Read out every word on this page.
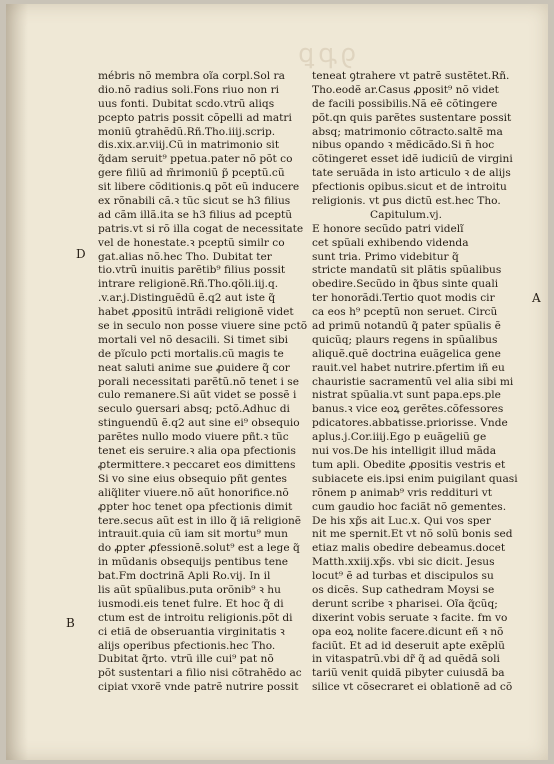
ꝯꝓꝑ
mébris nõ membra oĩa corpl.Sol ra
dio.nõ radius soli.Fons riuo non ri
uus fonti. Dubitat scdo.vtrũ aliqs
pcepto patris possit cõpelli ad matri
moniũ ꝯtrahẽdũ.Rñ.Tho.iiij.scrip.
dis.xix.ar.viij.Cũ in matrimonio sit
q̃dam seruit⁹ ppetua.pater nõ põt co
gere filiũ ad m̃rimoniũ p̃ pceptũ.cũ
sit libere cõditionis.ꝗ põt eũ inducere
ex rõnabili cã.ꝛ tũc sicut se h3 filius
ad cãm illã.ita se h3 filius ad pceptũ
patris.vt si rõ illa cogat de necessitate
vel de honestate.ꝛ pceptũ similr co
gat.alias nõ.hec Tho. Dubitat ter
tio.vtrũ inuitis parẽtib⁹ filius possit
intrare religionẽ.Rñ.Tho.qõli.iij.q.
.v.ar.j.Distinguẽdũ ẽ.q2 aut iste q̃
habet ꝓpositũ intrãdi religionẽ videt
se in seculo non posse viuere sine pctõ
mortali vel nõ desacili. Si timet sibi
de pĩculo pcti mortalis.cũ magis te
neat saluti anime sue ꝓuidere q̃ cor
porali necessitati parẽtũ.nõ tenet i se
culo remanere.Si aũt videt se possẽ i
seculo ꝯuersari absq; pctõ.Adhuc di
stinguendũ ẽ.q2 aut sine ei⁹ obsequio
parẽtes nullo modo viuere pñt.ꝛ tũc
tenet eis seruire.ꝛ alia opa pfectionis
ꝓtermittere.ꝛ peccaret eos dimittens
Si vo sine eius obsequio pñt gentes
aliq̃liter viuere.nõ aũt honorifice.nõ
ꝓpter hoc tenet opa pfectionis dimit
tere.secus aũt est in illo q̃ iã religionẽ
intrauit.quia cũ iam sit mortu⁹ mun
do ꝓpter ꝓfessionẽ.solut⁹ est a lege q̃
in mũdanis obsequijs pentibus tene
bat.Fm doctrinã Apli Ro.vij. In il
lis aũt spũalibus.puta orõnib⁹ ꝛ hu
iusmodi.eis tenet fulre. Et hoc q̃ di
ctum est de introitu religionis.põt di
ci etiã de obseruantia virginitatis ꝛ
alijs operibus pfectionis.hec Tho.
Dubitat q̃rto. vtrũ ille cui⁹ pat nõ
põt sustentari a filio nisi cõtrahẽdo ac
cipiat vxorẽ vnde patrẽ nutrire possit
teneat ꝯtrahere vt patrẽ sustẽtet.Rñ.
Tho.eodẽ ar.Casus ꝓposit⁹ nõ videt
de facili possibilis.Nã eẽ cõtingere
põt.qn quis parẽtes sustentare possit
absq; matrimonio cõtracto.saltẽ ma
nibus opando ꝛ mẽdicãdo.Si n̄ hoc
cõtingeret esset idẽ iudiciũ de virgini
tate seruãda in isto articulo ꝛ de alijs
pfectionis opibus.sicut et de introitu
religionis. vt ꝑus dictũ est.hec Tho.
Capitulum.vj.
E honore secũdo patri videlĩ
cet spũali exhibendo videnda
sunt tria. Primo videbitur q̃
stricte mandatũ sit plãtis spũalibus
obedire.Secũdo in q̃bus sinte quali
ter honorãdi.Tertio quot modis cir
ca eos h⁹ pceptũ non seruet. Circũ
ad primũ notandũ q̃ pater spũalis ẽ
quicũq; plaurs regens in spũalibus
aliquẽ.quẽ doctrina euãgelica gene
rauit.vel habet nutrire.pfertim iñ eu
chauristie sacramentũ vel alia sibi mi
nistrat spũalia.vt sunt papa.eps.ple
banus.ꝛ vice eoꝝ gerẽtes.cõfessores
pdicatores.abbatisse.priorisse. Vnde
aplus.j.Cor.iiij.Ego p euãgeliũ ge
nui vos.De his intelligit illud mãda
tum apli. Obedite ꝓpositis vestris et
subiacete eis.ipsi enim puigilant quasi
rõnem p animab⁹ vris reddituri vt
cum gaudio hoc faciãt nõ gementes.
De his xp̃s ait Luc.x. Qui vos sper
nit me spernit.Et vt nõ solũ bonis sed
etiaz malis obedire debeamus.docet
Matth.xxiij.xp̃s. vbi sic dicit. Jesus
locut⁹ ẽ ad turbas et discipulos su
os dicẽs. Sup cathedram Moysi se
derunt scribe ꝛ pharisei. Oĩa q̃cũq;
dixerint vobis seruate ꝛ facite. fm vo
opa eoꝝ nolite facere.dicunt eñ ꝛ nõ
faciũt. Et ad id deseruit apte exẽplũ
in vitaspatrũ.vbi dr̃ q̃ ad quẽdã soli
tariũ venit quidã pibyter cuiusdã ba
silice vt cõsecraret ei oblationẽ ad cõ
D
A
B
